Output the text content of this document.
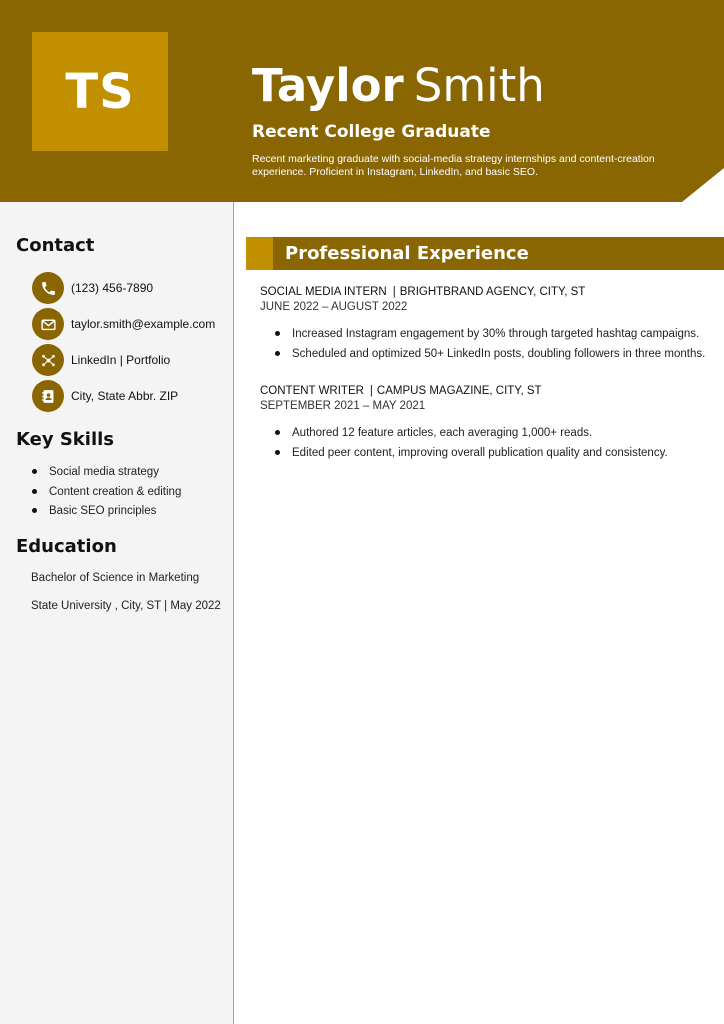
TS	Taylor Smith
Recent College Graduate
Recent marketing graduate with social-media strategy internships and content-creation experience. Proficient in Instagram, LinkedIn, and basic SEO.
Contact
(123) 456-7890
taylor.smith@example.com
LinkedIn | Portfolio
City, State Abbr. ZIP
Key Skills
Social media strategy
Content creation & editing
Basic SEO principles
Education
Bachelor of Science in Marketing
State University , City, ST | May 2022
Professional Experience
SOCIAL MEDIA INTERN | BRIGHTBRAND AGENCY, CITY, ST
JUNE 2022 – AUGUST 2022
Increased Instagram engagement by 30% through targeted hashtag campaigns.
Scheduled and optimized 50+ LinkedIn posts, doubling followers in three months.
CONTENT WRITER | CAMPUS MAGAZINE, CITY, ST
SEPTEMBER 2021 – MAY 2021
Authored 12 feature articles, each averaging 1,000+ reads.
Edited peer content, improving overall publication quality and consistency.
